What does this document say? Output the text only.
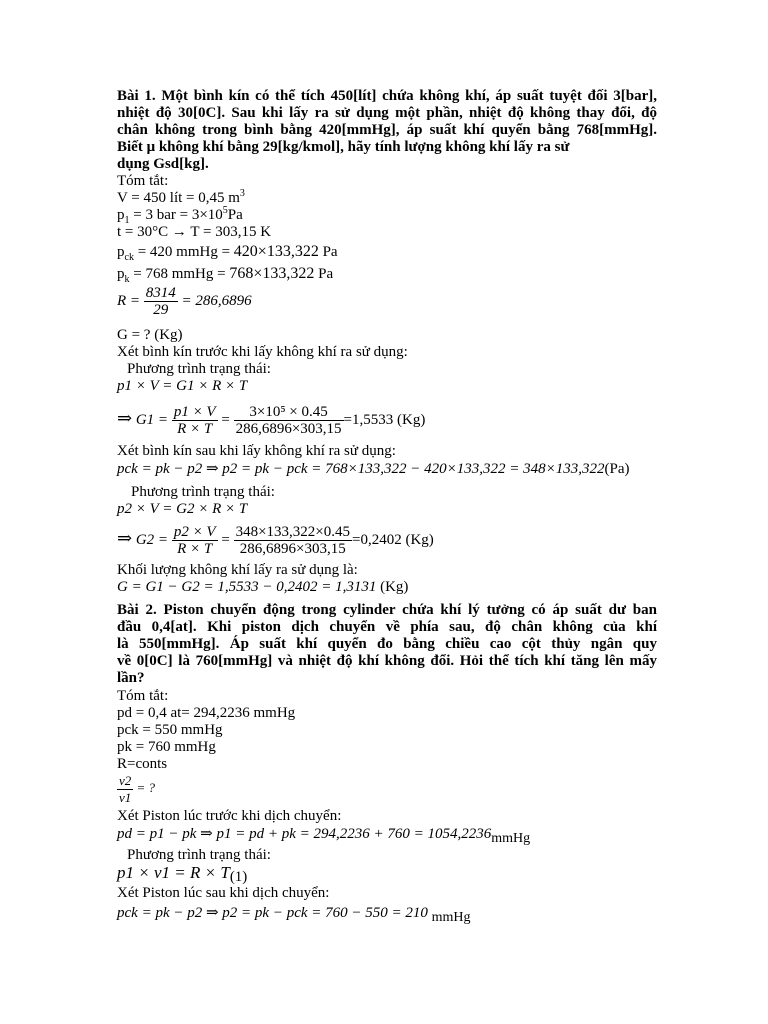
Bài 1. Một bình kín có thể tích 450[lít] chứa không khí, áp suất tuyệt đối 3[bar],
nhiệt độ 30[0C]. Sau khi lấy ra sử dụng một phần, nhiệt độ không thay đổi, độ
chân không trong bình bằng 420[mmHg], áp suất khí quyển bằng 768[mmHg].
Biết μ không khí bằng 29[kg/kmol], hãy tính lượng không khí lấy ra sử
dụng Gsd[kg].
Tóm tắt:
V = 450 lít = 0,45 $m^3$
$p_1 = 3$ bar = $3\times 10^5Pa$
t = 30°C → T = 303,15 K
$p_{ck} = 420$ mmHg = 420×133,322 Pa
$p_k = 768$ mmHg = 768×133,322 Pa
$R = \frac{8314}{29} = 286,6896$
G = ? (Kg)
Xét bình kín trước khi lấy không khí ra sử dụng:
Phương trình trạng thái:
p1 × V = G1 × R × T
⇒ $G1 = \frac{p1 \times V}{R \times T} = \frac{\text{3×10⁵ × 0.45}}{286,6896\times 303,15} =1,5533$ (Kg)
Xét bình kín sau khi lấy không khí ra sử dụng:
pck = pk − p2 ⇒ p2 = pk − pck = 768×133,322 − 420×133,322 = 348×133,322(Pa)
Phương trình trạng thái:
p2 × V = G2 × R × T
⇒ $G2 = \frac{p2 \times V}{R \times T} = \frac{348\times 133,322\times 0.45}{286,6896\times 303,15} =0,2402$ (Kg)
Khối lượng không khí lấy ra sử dụng là:
G = G1 − G2 = 1,5533 − 0,2402 = 1,3131 (Kg)
Bài 2. Piston chuyển động trong cylinder chứa khí lý tưởng có áp suất dư ban
đầu 0,4[at]. Khi piston dịch chuyển về phía sau, độ chân không của khí
là 550[mmHg]. Áp suất khí quyển đo bằng chiều cao cột thủy ngân quy
về 0[0C] là 760[mmHg] và nhiệt độ khí không đổi. Hỏi thể tích khí tăng lên mấy
lần?
Tóm tắt:
pd = 0,4 at= 294,2236 mmHg
pck = 550 mmHg
pk = 760 mmHg
R=conts
$\frac{v2}{v1}$ = ?
Xét Piston lúc trước khi dịch chuyển:
pd = p1 − pk ⇒ p1 = pd + pk = 294,2236 + 760 = 1054,2236mmHg
Phương trình trạng thái:
p1 × v1 = R × T(1)
Xét Piston lúc sau khi dịch chuyển:
pck = pk − p2 ⇒ p2 = pk − pck = 760 − 550 = 210 mmHg
